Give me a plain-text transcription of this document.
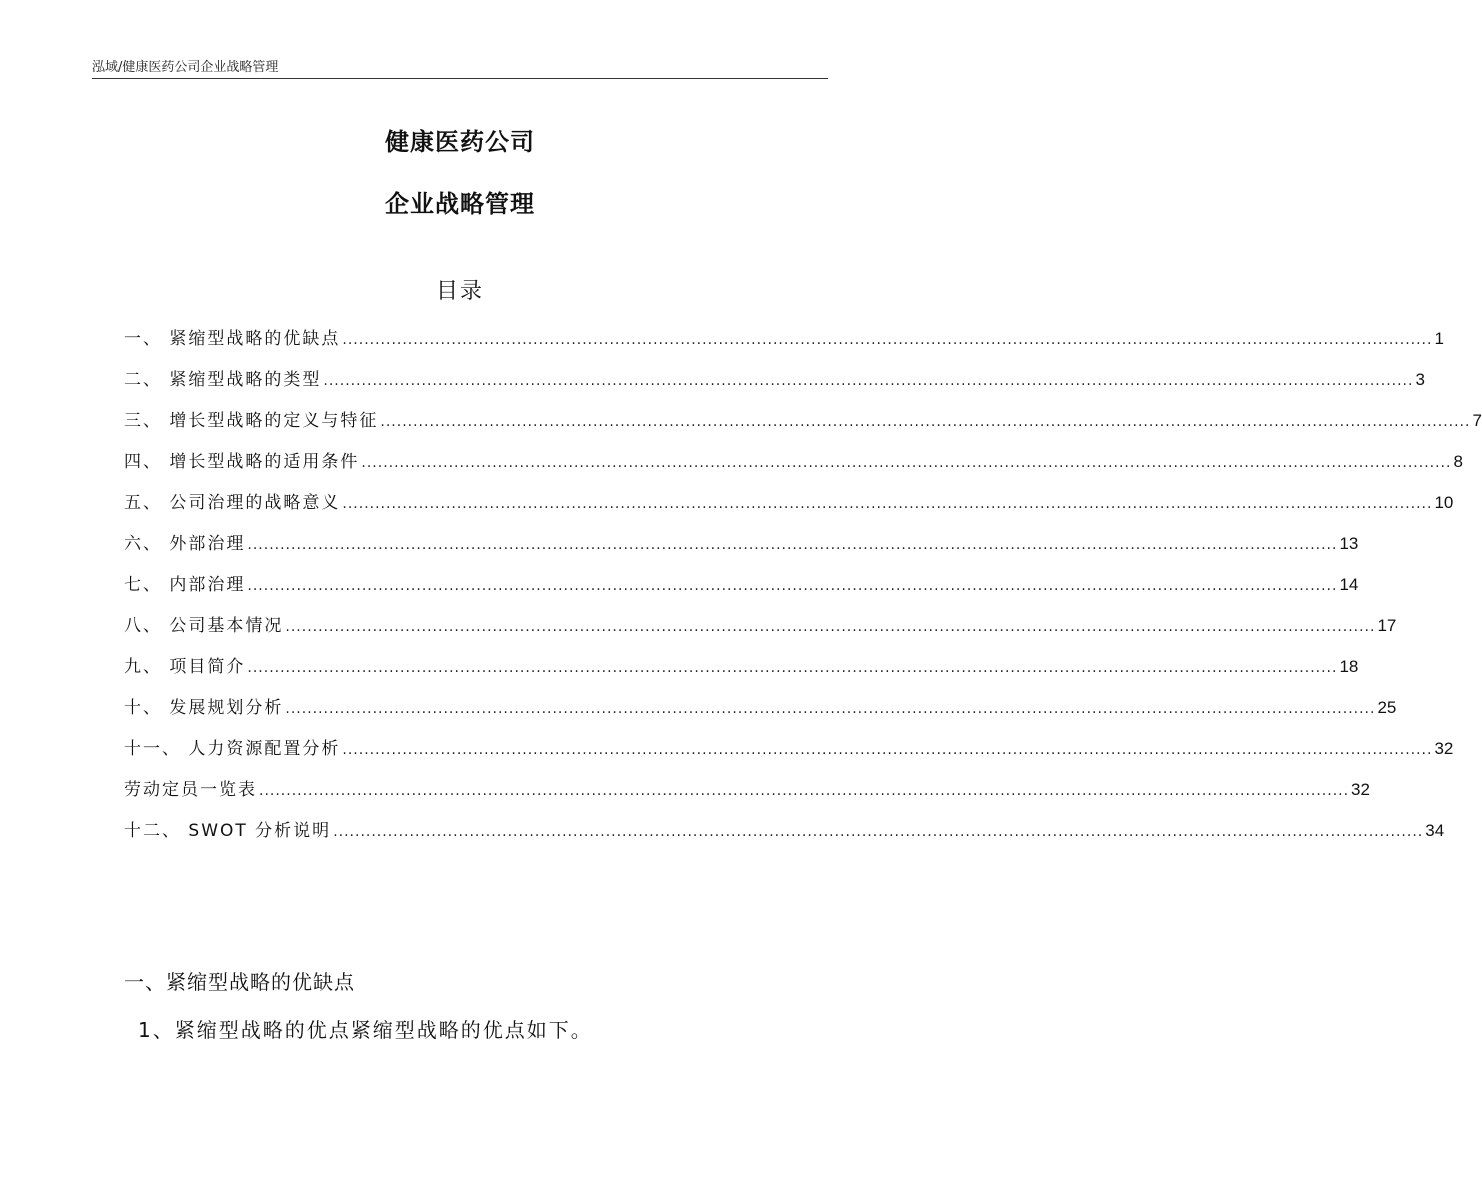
泓域/健康医药公司企业战略管理
健康医药公司
企业战略管理
目录
一、 紧缩型战略的优缺点 ........................................................................................................................................................................................................ 1
二、 紧缩型战略的类型 ........................................................................................................................................................................................................ 3
三、 增长型战略的定义与特征 ........................................................................................................................................................................................................ 7
四、 增长型战略的适用条件 ........................................................................................................................................................................................................ 8
五、 公司治理的战略意义 ........................................................................................................................................................................................................ 10
六、 外部治理 ........................................................................................................................................................................................................ 13
七、 内部治理 ........................................................................................................................................................................................................ 14
八、 公司基本情况 ........................................................................................................................................................................................................ 17
九、 项目简介 ........................................................................................................................................................................................................ 18
十、 发展规划分析 ........................................................................................................................................................................................................ 25
十一、 人力资源配置分析 ........................................................................................................................................................................................................ 32
劳动定员一览表 ........................................................................................................................................................................................................ 32
十二、 SWOT 分析说明 ........................................................................................................................................................................................................ 34
一、紧缩型战略的优缺点
1、紧缩型战略的优点紧缩型战略的优点如下。
